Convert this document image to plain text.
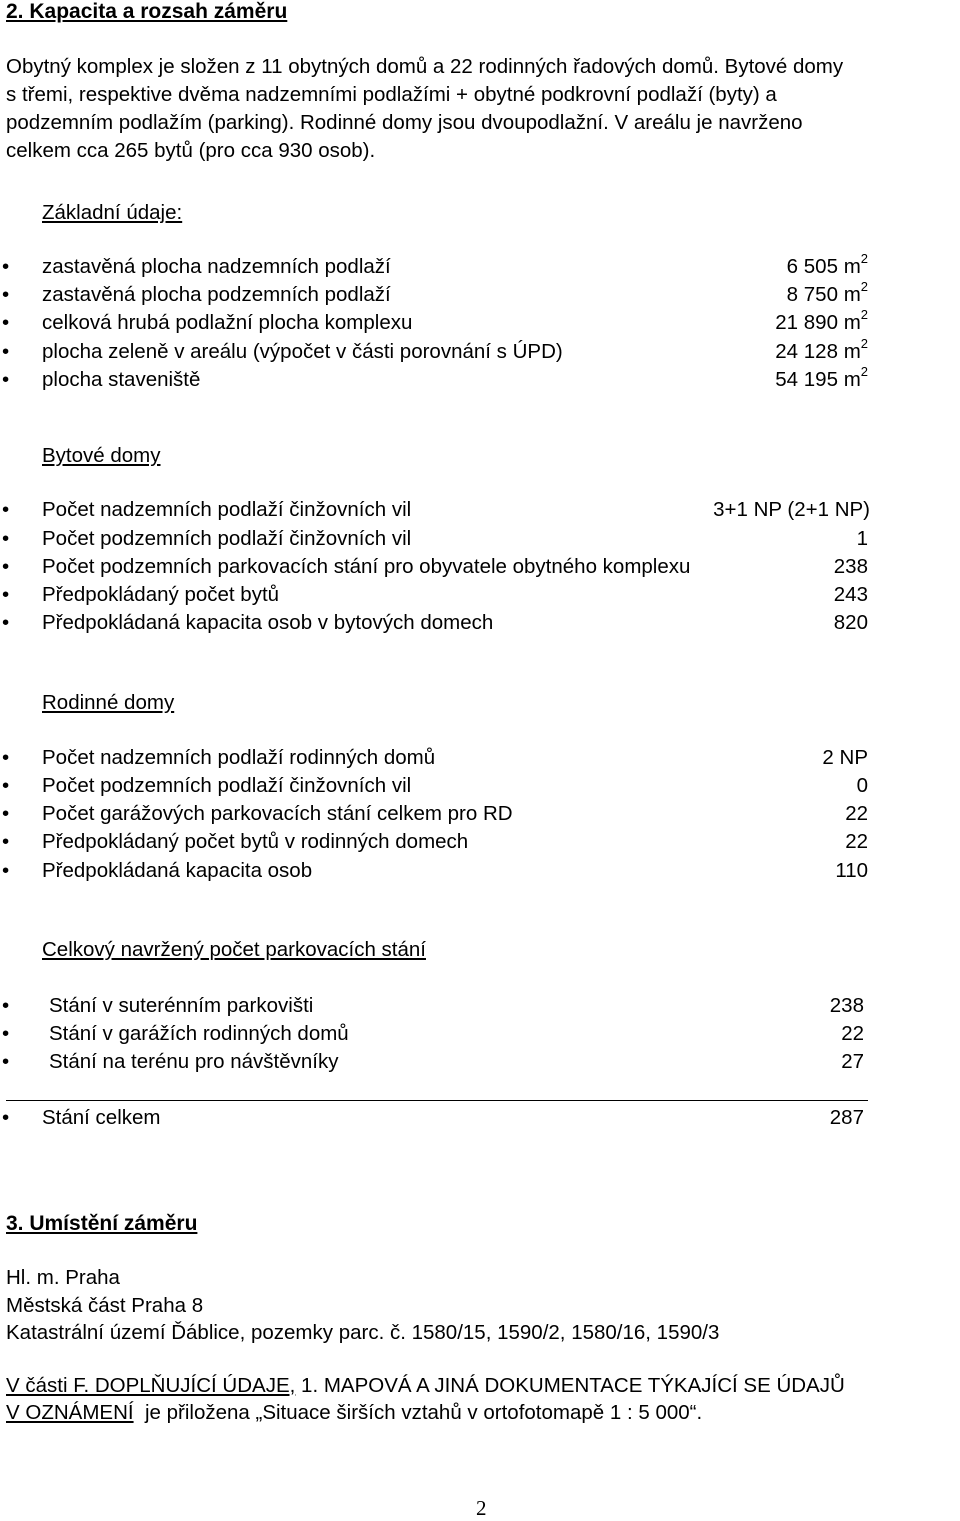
2. Kapacita a rozsah záměru
Obytný komplex je složen z 11 obytných domů a 22 rodinných řadových domů. Bytové domy
s třemi, respektive dvěma nadzemními podlažími + obytné podkrovní podlaží (byty) a
podzemním podlažím (parking). Rodinné domy jsou dvoupodlažní. V areálu je navrženo
celkem cca 265 bytů (pro cca 930 osob).
Základní údaje:
• zastavěná plocha nadzemních podlaží	6 505 $m^2$
• zastavěná plocha podzemních podlaží	8 750 $m^2$
• celková hrubá podlažní plocha komplexu	21 890 $m^2$
• plocha zeleně v areálu (výpočet v části porovnání s ÚPD)	24 128 $m^2$
• plocha staveniště	54 195 $m^2$
Bytové domy
• Počet nadzemních podlaží činžovních vil	3+1 NP (2+1 NP)
• Počet podzemních podlaží činžovních vil	1
• Počet podzemních parkovacích stání pro obyvatele obytného komplexu	238
• Předpokládaný počet bytů	243
• Předpokládaná kapacita osob v bytových domech	820
Rodinné domy
• Počet nadzemních podlaží rodinných domů	2 NP
• Počet podzemních podlaží činžovních vil	0
• Počet garážových parkovacích stání celkem pro RD	22
• Předpokládaný počet bytů v rodinných domech	22
• Předpokládaná kapacita osob	110
Celkový navržený počet parkovacích stání
• Stání v suterénním parkovišti	238
• Stání v garážích rodinných domů	22
• Stání na terénu pro návštěvníky	27
• Stání celkem	287
3. Umístění záměru
Hl. m. Praha
Městská část Praha 8
Katastrální území Ďáblice, pozemky parc. č. 1580/15, 1590/2, 1580/16, 1590/3
V části F. DOPLŇUJÍCÍ ÚDAJE, 1. MAPOVÁ A JINÁ DOKUMENTACE TÝKAJÍCÍ SE ÚDAJŮ
V OZNÁMENÍ  je přiložena „Situace širších vztahů v ortofotomapě 1 : 5 000“.
2
